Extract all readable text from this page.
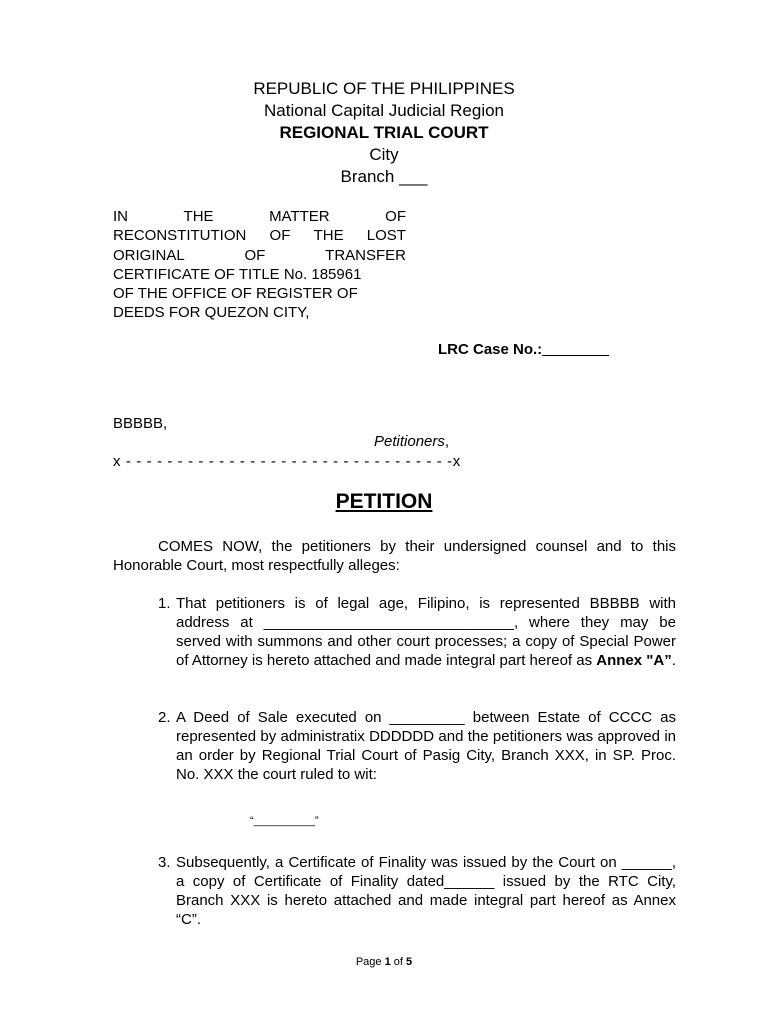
REPUBLIC OF THE PHILIPPINES
National Capital Judicial Region
REGIONAL TRIAL COURT
City
Branch ___
IN	THE	MATTER	OF
RECONSTITUTION OF THE LOST
ORIGINAL	OF	TRANSFER
CERTIFICATE OF TITLE No. 185961
OF THE OFFICE OF REGISTER OF
DEEDS FOR QUEZON CITY,
LRC Case No.:________
BBBBB,
Petitioners,
x - - - - - - - - - - - - - - - - - - - - - - - - - - - - - - - -x
PETITION
COMES NOW, the petitioners by their undersigned counsel and to this Honorable Court, most respectfully alleges:
1. That petitioners is of legal age, Filipino, is represented BBBBB with address at ______________________________, where they may be served with summons and other court processes; a copy of Special Power of Attorney is hereto attached and made integral part hereof as Annex "A”.
2. A Deed of Sale executed on _________ between Estate of CCCC as represented by administratix DDDDDD and the petitioners was approved in an order by Regional Trial Court of Pasig City, Branch XXX, in SP. Proc. No. XXX the court ruled to wit:
“__________”
3. Subsequently, a Certificate of Finality was issued by the Court on ______, a copy of Certificate of Finality dated______ issued by the RTC City, Branch XXX is hereto attached and made integral part hereof as Annex “C”.
Page 1 of 5
